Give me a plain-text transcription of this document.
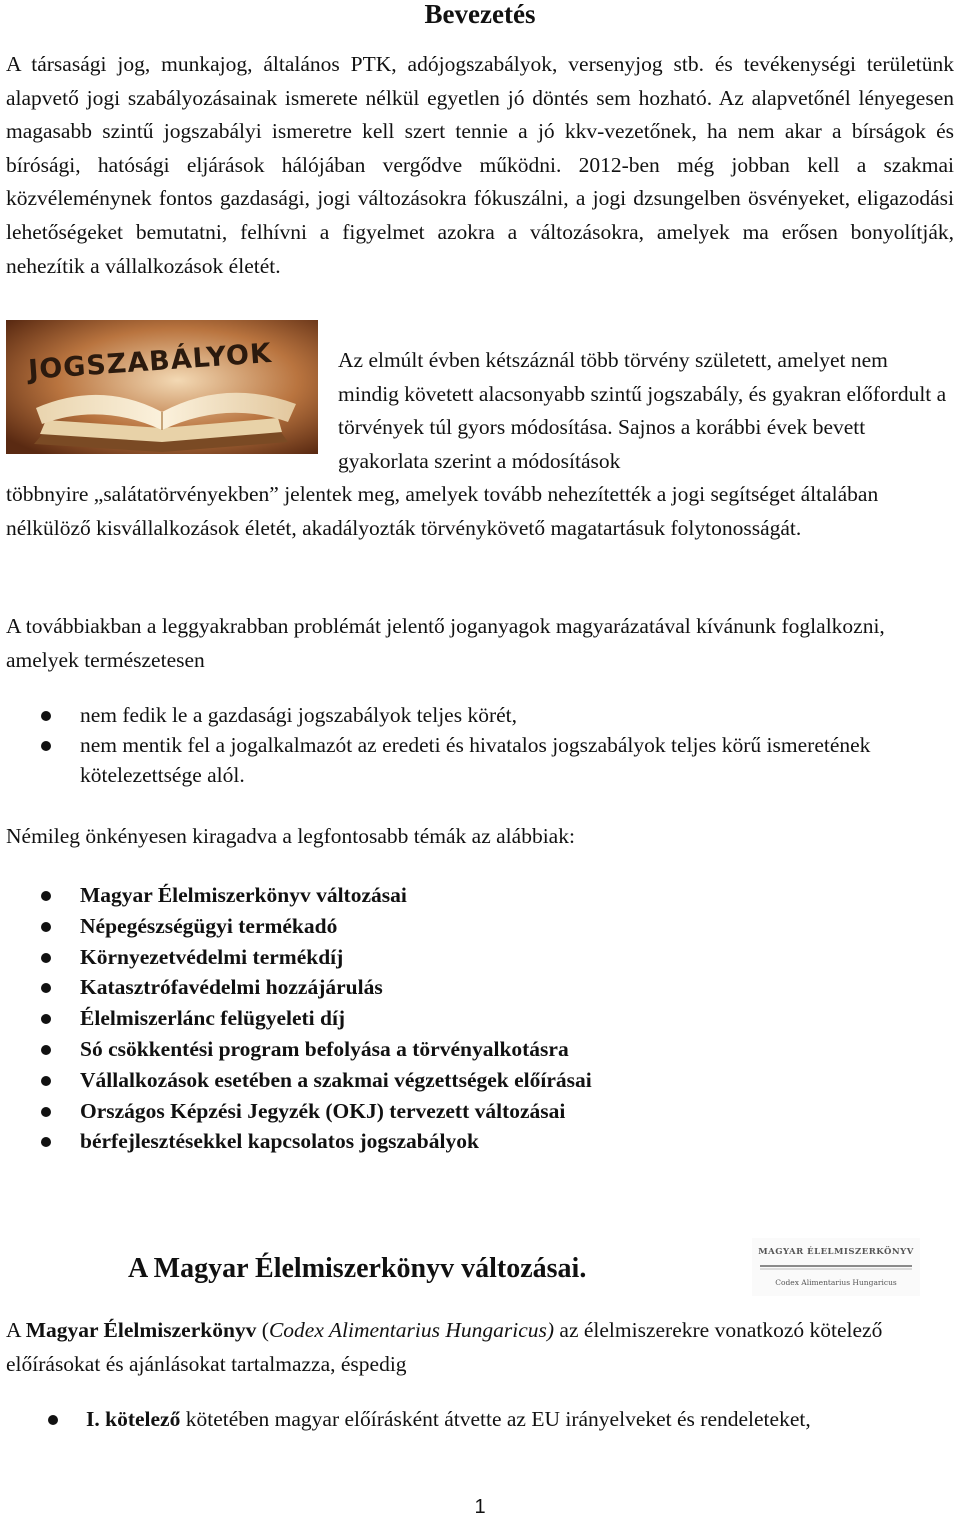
Bevezetés

A társasági jog, munkajog, általános PTK, adójogszabályok, versenyjog stb. és tevékenységi területünk alapvető jogi szabályozásainak ismerete nélkül egyetlen jó döntés sem hozható. Az alapvetőnél lényegesen magasabb szintű jogszabályi ismeretre kell szert tennie a jó kkv-vezetőnek, ha nem akar a bírságok és bírósági, hatósági eljárások hálójában vergődve működni. 2012-ben még jobban kell a szakmai közvéleménynek fontos gazdasági, jogi változásokra fókuszálni, a jogi dzsungelben ösvényeket, eligazodási lehetőségeket bemutatni, felhívni a figyelmet azokra a változásokra, amelyek ma erősen bonyolítják, nehezítik a vállalkozások életét.

JOGSZABÁLYOK	Az elmúlt évben kétszáznál több törvény született, amelyet nem mindig követett alacsonyabb szintű jogszabály, és gyakran előfordult a törvények túl gyors módosítása. Sajnos a korábbi évek bevett gyakorlata szerint a módosítások

többnyire „salátatörvényekben” jelentek meg, amelyek tovább nehezítették a jogi segítséget általában nélkülöző kisvállalkozások életét, akadályozták törvénykövető magatartásuk folytonosságát.

A továbbiakban a leggyakrabban problémát jelentő joganyagok magyarázatával kívánunk foglalkozni, amelyek természetesen

nem fedik le a gazdasági jogszabályok teljes körét,
nem mentik fel a jogalkalmazót az eredeti és hivatalos jogszabályok teljes körű ismeretének kötelezettsége alól.

Némileg önkényesen kiragadva a legfontosabb témák az alábbiak:

Magyar Élelmiszerkönyv változásai
Népegészségügyi termékadó
Környezetvédelmi termékdíj
Katasztrófavédelmi hozzájárulás
Élelmiszerlánc felügyeleti díj
Só csökkentési program befolyása a törvényalkotásra
Vállalkozások esetében a szakmai végzettségek előírásai
Országos Képzési Jegyzék (OKJ) tervezett változásai
bérfejlesztésekkel kapcsolatos jogszabályok
A Magyar Élelmiszerkönyv változásai.
MAGYAR ÉLELMISZERKÖNYV
Codex Alimentarius Hungaricus

A Magyar Élelmiszerkönyv (Codex Alimentarius Hungaricus) az élelmiszerekre vonatkozó kötelező előírásokat és ajánlásokat tartalmazza, éspedig

I. kötelező kötetében magyar előírásként átvette az EU irányelveket és rendeleteket,
1
